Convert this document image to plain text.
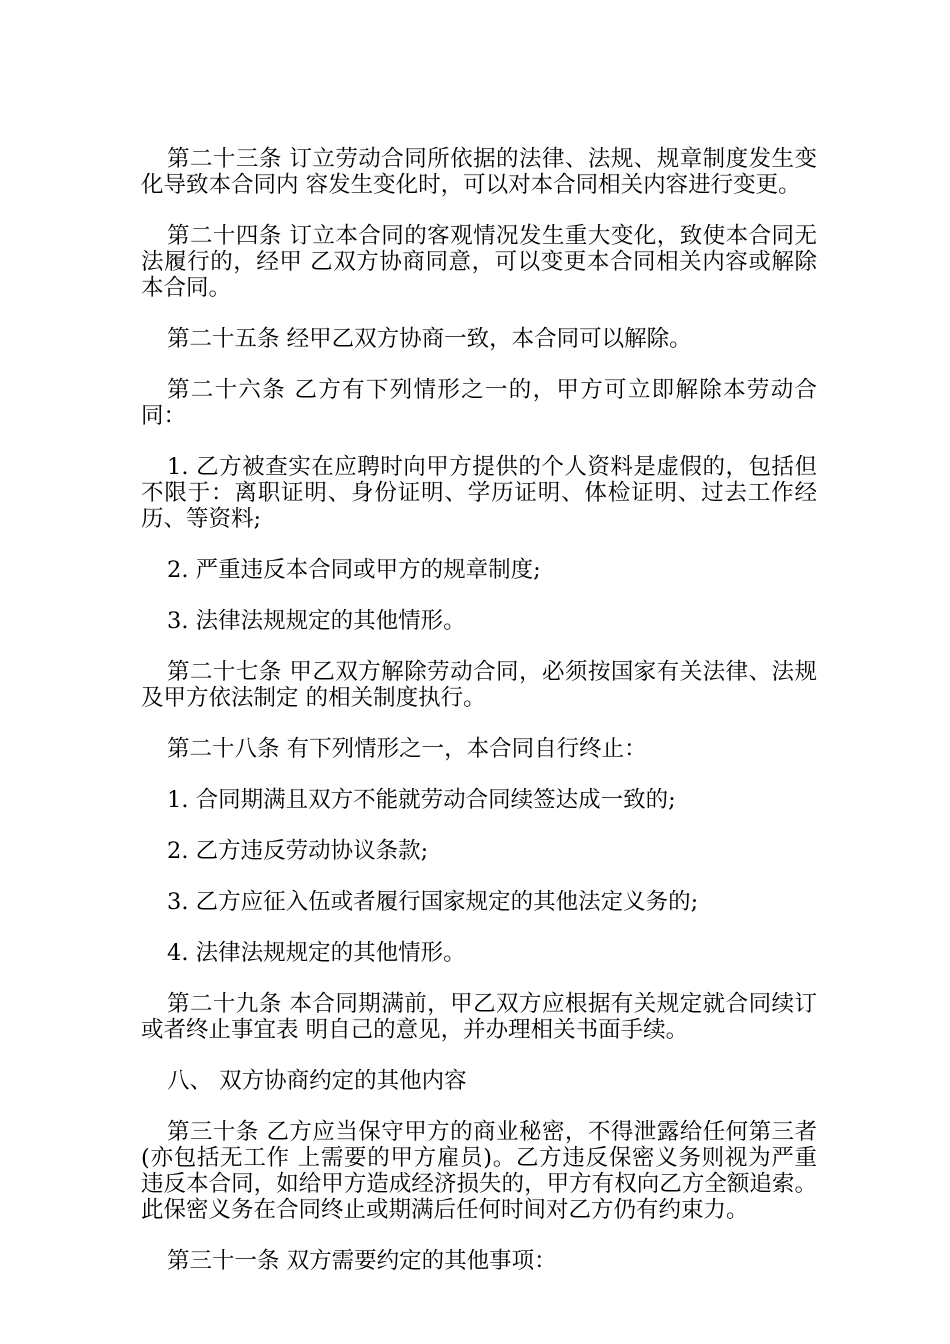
第二十三条 订立劳动合同所依据的法律、法规、规章制度发生变化导致本合同内 容发生变化时，可以对本合同相关内容进行变更。

第二十四条 订立本合同的客观情况发生重大变化，致使本合同无法履行的，经甲 乙双方协商同意，可以变更本合同相关内容或解除本合同。

第二十五条 经甲乙双方协商一致，本合同可以解除。

第二十六条 乙方有下列情形之一的，甲方可立即解除本劳动合同：

1. 乙方被查实在应聘时向甲方提供的个人资料是虚假的，包括但不限于：离职证明、身份证明、学历证明、体检证明、过去工作经历、等资料;

2. 严重违反本合同或甲方的规章制度;

3. 法律法规规定的其他情形。

第二十七条 甲乙双方解除劳动合同，必须按国家有关法律、法规及甲方依法制定 的相关制度执行。

第二十八条 有下列情形之一，本合同自行终止：

1. 合同期满且双方不能就劳动合同续签达成一致的;

2. 乙方违反劳动协议条款;

3. 乙方应征入伍或者履行国家规定的其他法定义务的;

4. 法律法规规定的其他情形。

第二十九条 本合同期满前，甲乙双方应根据有关规定就合同续订或者终止事宜表 明自己的意见，并办理相关书面手续。

八、 双方协商约定的其他内容

第三十条 乙方应当保守甲方的商业秘密，不得泄露给任何第三者(亦包括无工作 上需要的甲方雇员)。乙方违反保密义务则视为严重违反本合同，如给甲方造成经济损失的，甲方有权向乙方全额追索。此保密义务在合同终止或期满后任何时间对乙方仍有约束力。

第三十一条 双方需要约定的其他事项：
